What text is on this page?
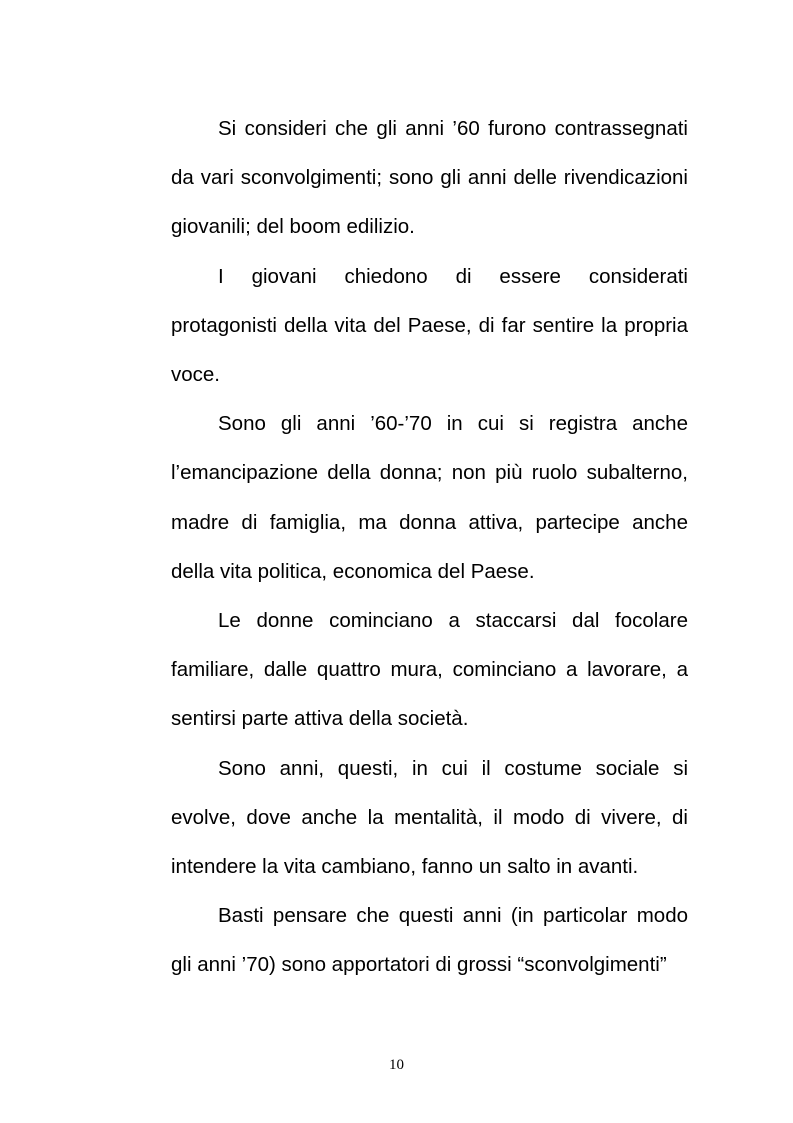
Si consideri che gli anni ’60 furono contrassegnati da vari sconvolgimenti; sono gli anni delle rivendicazioni giovanili; del boom edilizio.

I giovani chiedono di essere considerati protagonisti della vita del Paese, di far sentire la propria voce.

Sono gli anni ’60-’70 in cui si registra anche l’emancipazione della donna; non più ruolo subalterno, madre di famiglia, ma donna attiva, partecipe anche della vita politica, economica del Paese.

Le donne cominciano a staccarsi dal focolare familiare, dalle quattro mura, cominciano a lavorare, a sentirsi parte attiva della società.

Sono anni, questi, in cui il costume sociale si evolve, dove anche la mentalità, il modo di vivere, di intendere la vita cambiano, fanno un salto in avanti.

Basti pensare che questi anni (in particolar modo gli anni ’70) sono apportatori di grossi “sconvolgimenti”

10
